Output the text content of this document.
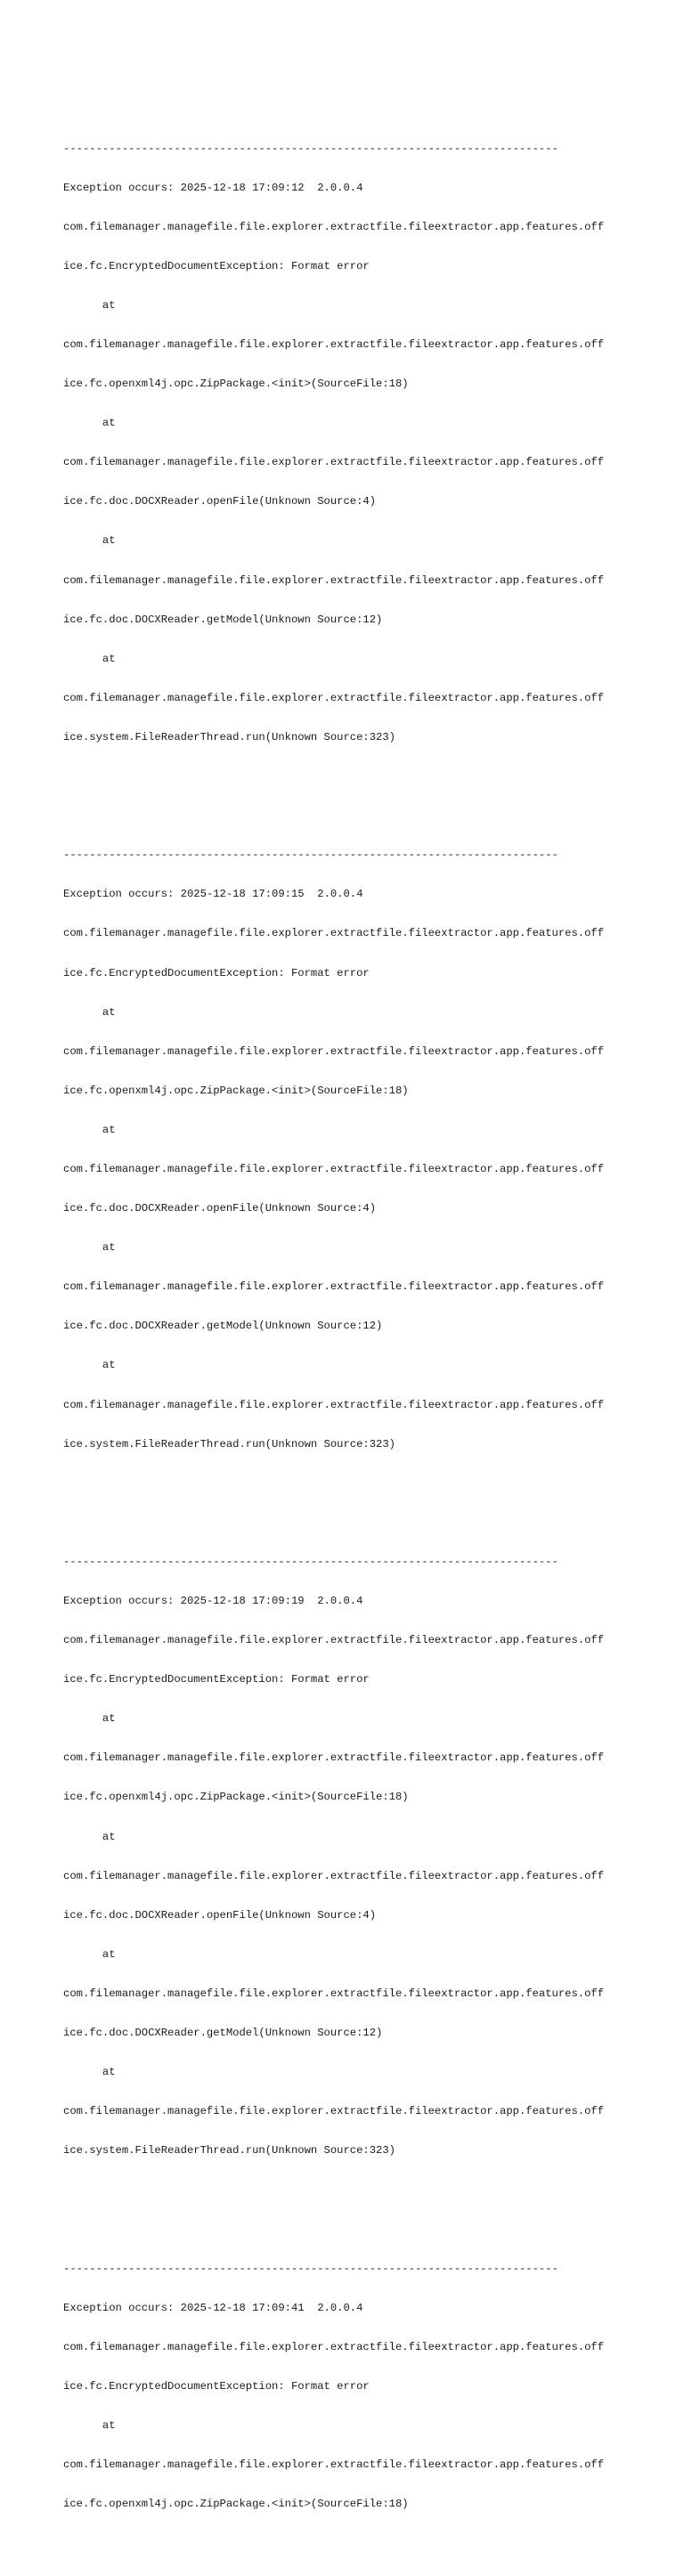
----------------------------------------------------------------------------

Exception occurs: 2025-12-18 17:09:12  2.0.0.4

com.filemanager.managefile.file.explorer.extractfile.fileextractor.app.features.off

ice.fc.EncryptedDocumentException: Format error

at

com.filemanager.managefile.file.explorer.extractfile.fileextractor.app.features.off

ice.fc.openxml4j.opc.ZipPackage.<init>(SourceFile:18)

at

com.filemanager.managefile.file.explorer.extractfile.fileextractor.app.features.off

ice.fc.doc.DOCXReader.openFile(Unknown Source:4)

at

com.filemanager.managefile.file.explorer.extractfile.fileextractor.app.features.off

ice.fc.doc.DOCXReader.getModel(Unknown Source:12)

at

com.filemanager.managefile.file.explorer.extractfile.fileextractor.app.features.off

ice.system.FileReaderThread.run(Unknown Source:323)

----------------------------------------------------------------------------

Exception occurs: 2025-12-18 17:09:15  2.0.0.4

com.filemanager.managefile.file.explorer.extractfile.fileextractor.app.features.off

ice.fc.EncryptedDocumentException: Format error

at

com.filemanager.managefile.file.explorer.extractfile.fileextractor.app.features.off

ice.fc.openxml4j.opc.ZipPackage.<init>(SourceFile:18)

at

com.filemanager.managefile.file.explorer.extractfile.fileextractor.app.features.off

ice.fc.doc.DOCXReader.openFile(Unknown Source:4)

at

com.filemanager.managefile.file.explorer.extractfile.fileextractor.app.features.off

ice.fc.doc.DOCXReader.getModel(Unknown Source:12)

at

com.filemanager.managefile.file.explorer.extractfile.fileextractor.app.features.off

ice.system.FileReaderThread.run(Unknown Source:323)

----------------------------------------------------------------------------

Exception occurs: 2025-12-18 17:09:19  2.0.0.4

com.filemanager.managefile.file.explorer.extractfile.fileextractor.app.features.off

ice.fc.EncryptedDocumentException: Format error

at

com.filemanager.managefile.file.explorer.extractfile.fileextractor.app.features.off

ice.fc.openxml4j.opc.ZipPackage.<init>(SourceFile:18)

at

com.filemanager.managefile.file.explorer.extractfile.fileextractor.app.features.off

ice.fc.doc.DOCXReader.openFile(Unknown Source:4)

at

com.filemanager.managefile.file.explorer.extractfile.fileextractor.app.features.off

ice.fc.doc.DOCXReader.getModel(Unknown Source:12)

at

com.filemanager.managefile.file.explorer.extractfile.fileextractor.app.features.off

ice.system.FileReaderThread.run(Unknown Source:323)

----------------------------------------------------------------------------

Exception occurs: 2025-12-18 17:09:41  2.0.0.4

com.filemanager.managefile.file.explorer.extractfile.fileextractor.app.features.off

ice.fc.EncryptedDocumentException: Format error

at

com.filemanager.managefile.file.explorer.extractfile.fileextractor.app.features.off

ice.fc.openxml4j.opc.ZipPackage.<init>(SourceFile:18)
